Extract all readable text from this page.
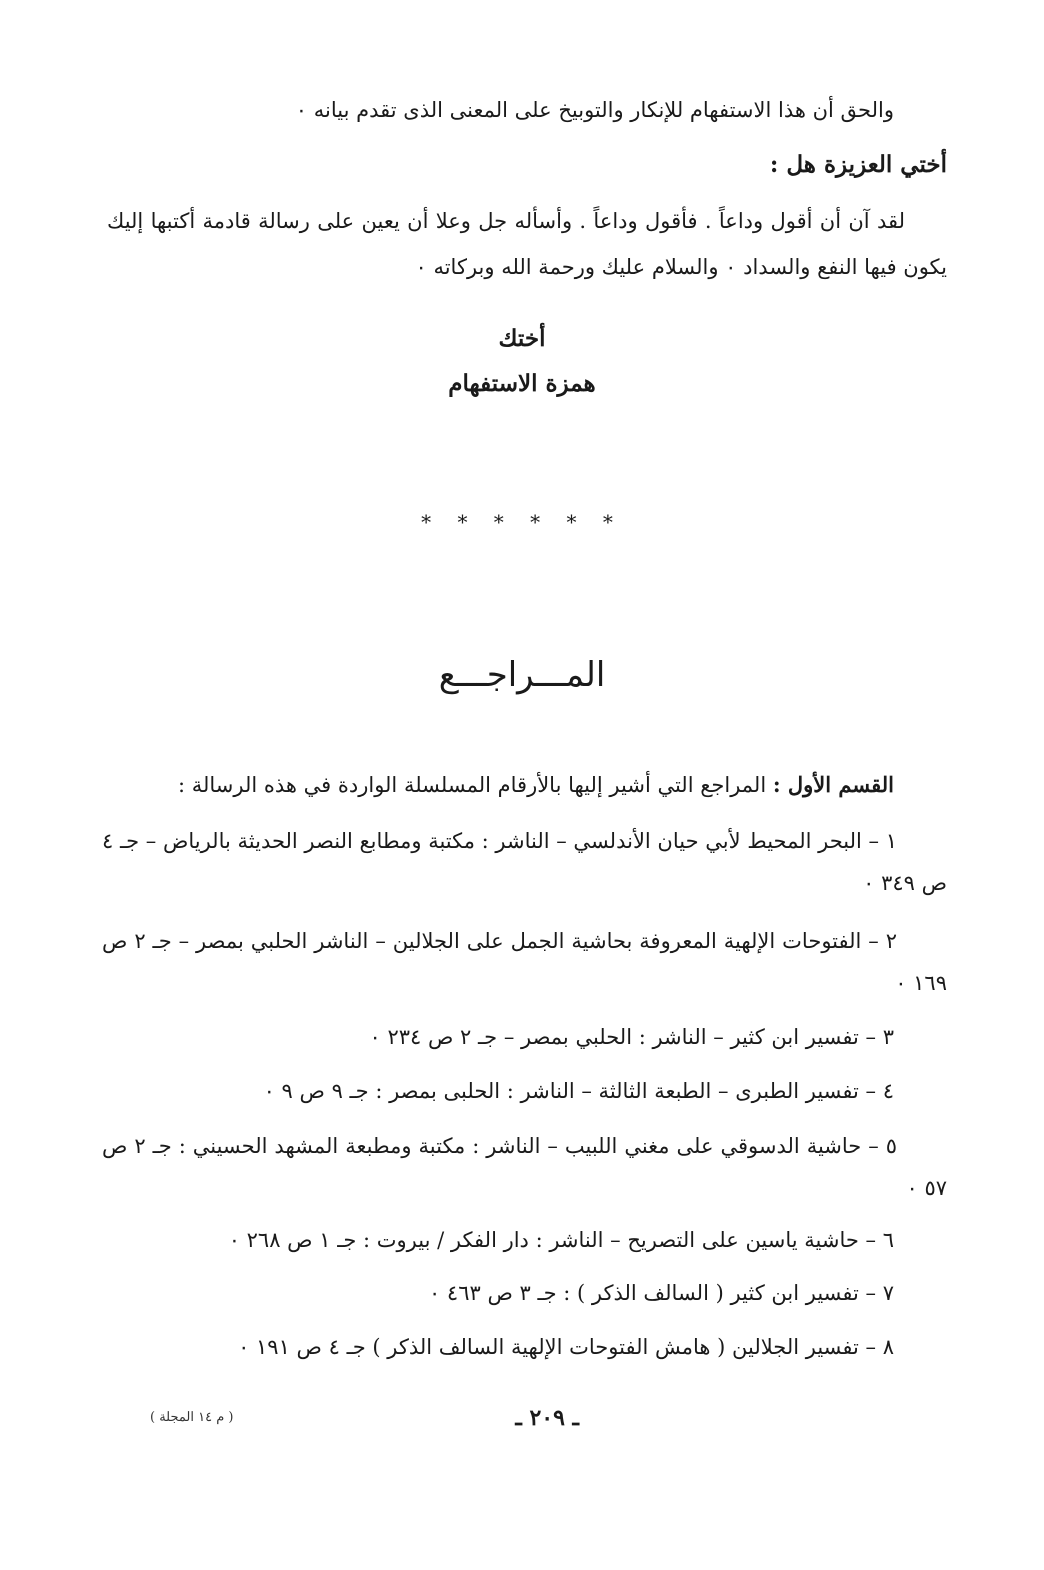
والحق أن هذا الاستفهام للإنكار والتوبيخ على المعنى الذى تقدم بيانه ٠
أختي العزيزة هل :
لقد آن أن أقول وداعاً . فأقول وداعاً . وأسأله جل وعلا أن يعين على رسالة قادمة أكتبها إليك يكون فيها النفع والسداد ٠ والسلام عليك ورحمة الله وبركاته ٠
أختك
همزة الاستفهام
* * * * * *
المـــراجـــع
القسم الأول : المراجع التي أشير إليها بالأرقام المسلسلة الواردة في هذه الرسالة :
١ – البحر المحيط لأبي حيان الأندلسي – الناشر : مكتبة ومطابع النصر الحديثة بالرياض – جـ ٤ ص ٣٤٩ ٠
٢ – الفتوحات الإلهية المعروفة بحاشية الجمل على الجلالين – الناشر الحلبي بمصر – جـ ٢ ص ١٦٩ ٠
٣ – تفسير ابن كثير – الناشر : الحلبي بمصر – جـ ٢ ص ٢٣٤ ٠
٤ – تفسير الطبرى – الطبعة الثالثة – الناشر : الحلبى بمصر : جـ ٩ ص ٩ ٠
٥ – حاشية الدسوقي على مغني اللبيب – الناشر : مكتبة ومطبعة المشهد الحسيني : جـ ٢ ص ٥٧ ٠
٦ – حاشية ياسين على التصريح – الناشر : دار الفكر / بيروت : جـ ١ ص ٢٦٨ ٠
٧ – تفسير ابن كثير ( السالف الذكر ) : جـ ٣ ص ٤٦٣ ٠
٨ – تفسير الجلالين ( هامش الفتوحات الإلهية السالف الذكر ) جـ ٤ ص ١٩١ ٠
ـ ٢٠٩ ـ
( م ١٤ المجلة )
